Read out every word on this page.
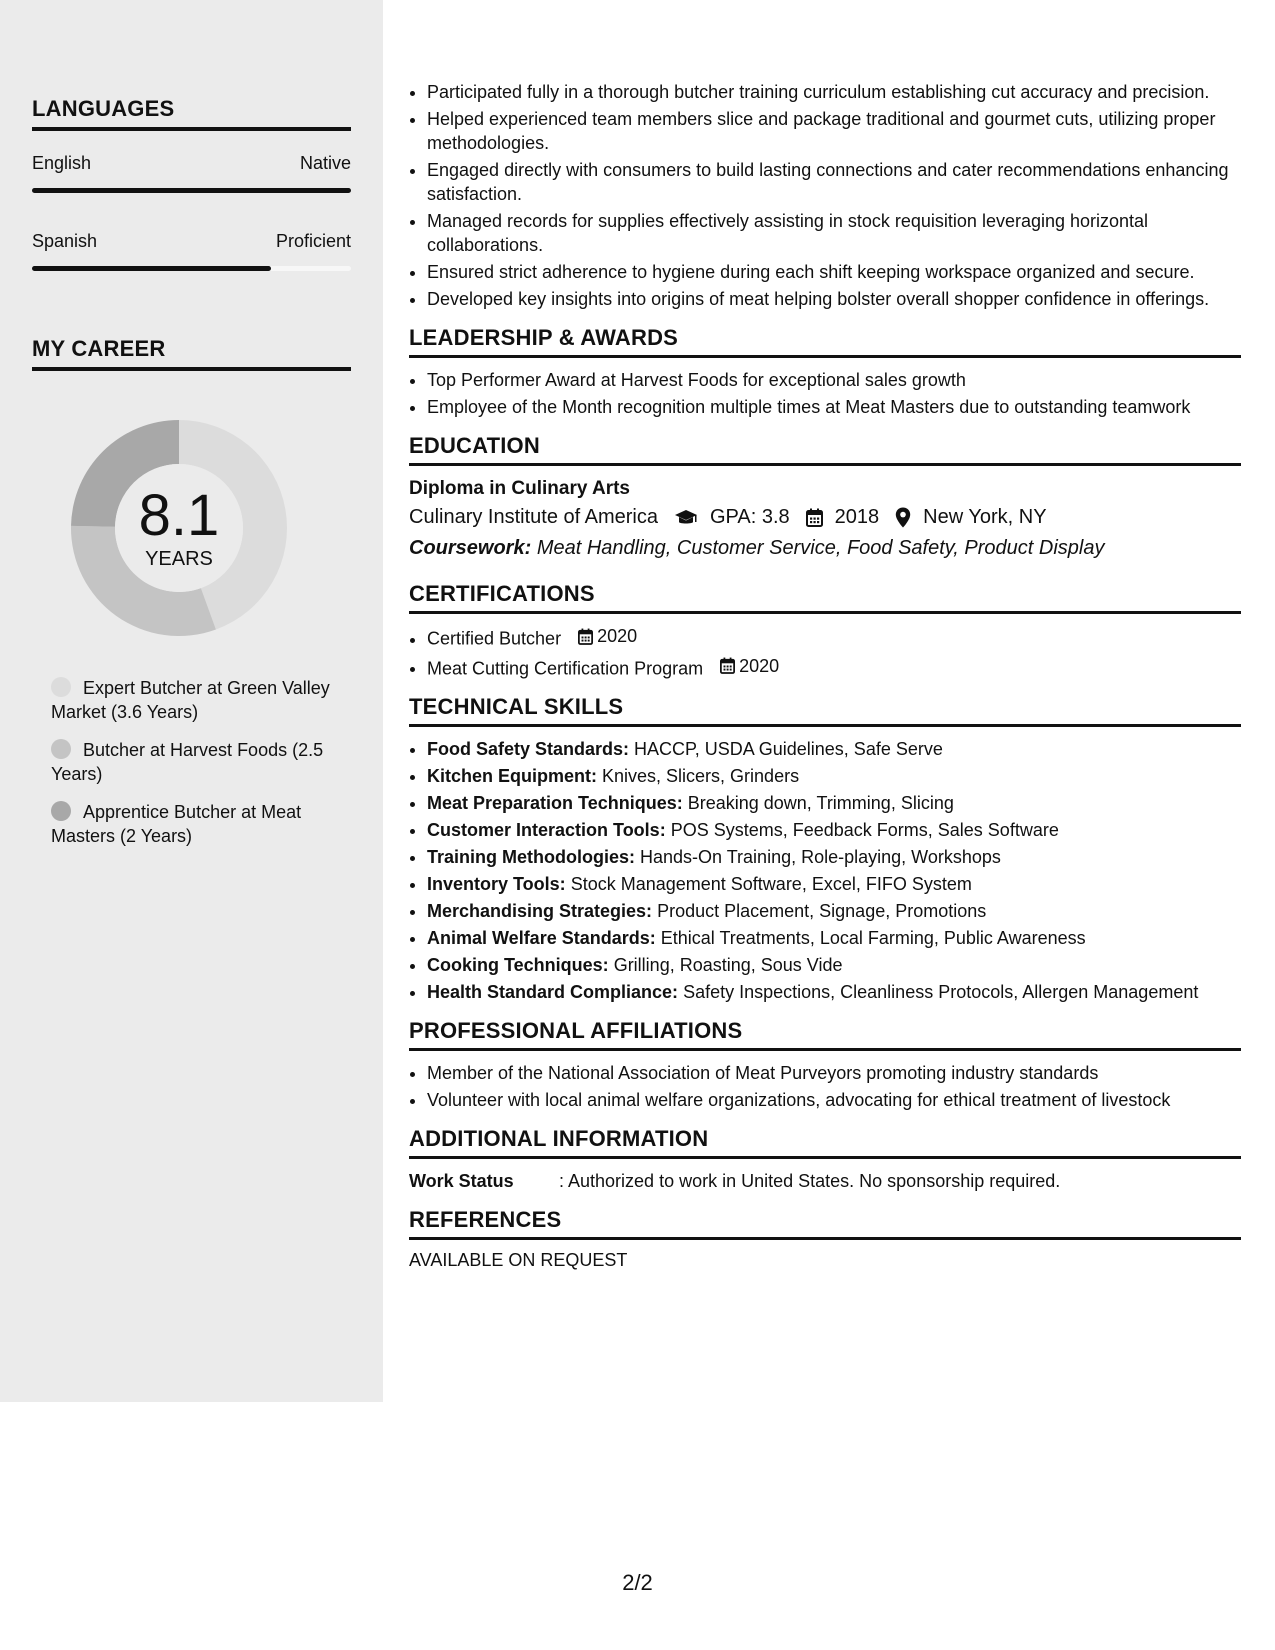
LANGUAGES
English	Native
Spanish	Proficient
MY CAREER
8.1
YEARS
Expert Butcher at Green Valley Market (3.6 Years)
Butcher at Harvest Foods (2.5 Years)
Apprentice Butcher at Meat Masters (2 Years)
• Participated fully in a thorough butcher training curriculum establishing cut accuracy and precision.
• Helped experienced team members slice and package traditional and gourmet cuts, utilizing proper methodologies.
• Engaged directly with consumers to build lasting connections and cater recommendations enhancing satisfaction.
• Managed records for supplies effectively assisting in stock requisition leveraging horizontal collaborations.
• Ensured strict adherence to hygiene during each shift keeping workspace organized and secure.
• Developed key insights into origins of meat helping bolster overall shopper confidence in offerings.
LEADERSHIP & AWARDS
• Top Performer Award at Harvest Foods for exceptional sales growth
• Employee of the Month recognition multiple times at Meat Masters due to outstanding teamwork
EDUCATION
Diploma in Culinary Arts
Culinary Institute of America	GPA: 3.8 2018 New York, NY
Coursework: Meat Handling, Customer Service, Food Safety, Product Display
CERTIFICATIONS
• Certified Butcher 2020
• Meat Cutting Certification Program 2020
TECHNICAL SKILLS
• Food Safety Standards: HACCP, USDA Guidelines, Safe Serve
• Kitchen Equipment: Knives, Slicers, Grinders
• Meat Preparation Techniques: Breaking down, Trimming, Slicing
• Customer Interaction Tools: POS Systems, Feedback Forms, Sales Software
• Training Methodologies: Hands-On Training, Role-playing, Workshops
• Inventory Tools: Stock Management Software, Excel, FIFO System
• Merchandising Strategies: Product Placement, Signage, Promotions
• Animal Welfare Standards: Ethical Treatments, Local Farming, Public Awareness
• Cooking Techniques: Grilling, Roasting, Sous Vide
• Health Standard Compliance: Safety Inspections, Cleanliness Protocols, Allergen Management
PROFESSIONAL AFFILIATIONS
• Member of the National Association of Meat Purveyors promoting industry standards
• Volunteer with local animal welfare organizations, advocating for ethical treatment of livestock
ADDITIONAL INFORMATION
Work Status	: Authorized to work in United States. No sponsorship required.
REFERENCES
AVAILABLE ON REQUEST
2/2
